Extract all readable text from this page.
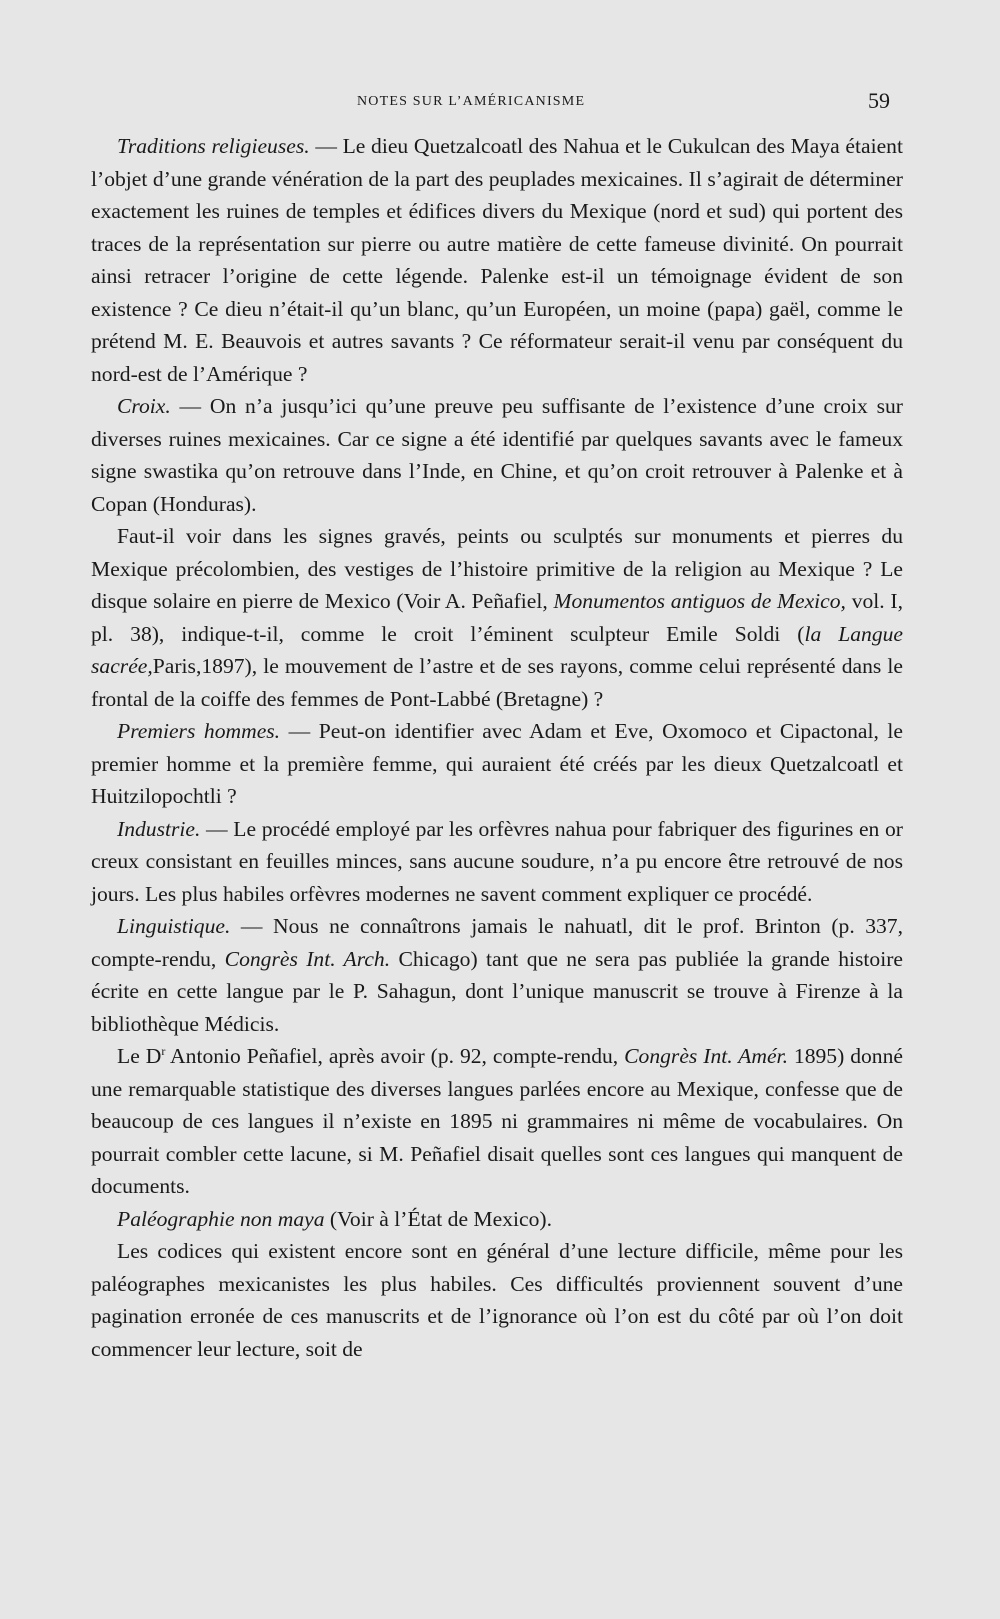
NOTES SUR L’AMÉRICANISME	59

Traditions religieuses. — Le dieu Quetzalcoatl des Nahua et le Cukulcan des Maya étaient l’objet d’une grande vénération de la part des peuplades mexicaines. Il s’agirait de déterminer exactement les ruines de temples et édifices divers du Mexique (nord et sud) qui portent des traces de la représentation sur pierre ou autre matière de cette fameuse divinité. On pourrait ainsi retracer l’origine de cette légende. Palenke est-il un témoignage évident de son existence ? Ce dieu n’était-il qu’un blanc, qu’un Européen, un moine (papa) gaël, comme le prétend M. E. Beauvois et autres savants ? Ce réformateur serait-il venu par conséquent du nord-est de l’Amérique ?

Croix. — On n’a jusqu’ici qu’une preuve peu suffisante de l’existence d’une croix sur diverses ruines mexicaines. Car ce signe a été identifié par quelques savants avec le fameux signe swastika qu’on retrouve dans l’Inde, en Chine, et qu’on croit retrouver à Palenke et à Copan (Honduras).

Faut-il voir dans les signes gravés, peints ou sculptés sur monuments et pierres du Mexique précolombien, des vestiges de l’histoire primitive de la religion au Mexique ? Le disque solaire en pierre de Mexico (Voir A. Peñafiel, Monumentos antiguos de Mexico, vol. I, pl. 38), indique-t-il, comme le croit l’éminent sculpteur Emile Soldi (la Langue sacrée,Paris,1897), le mouvement de l’astre et de ses rayons, comme celui représenté dans le frontal de la coiffe des femmes de Pont-Labbé (Bretagne) ?

Premiers hommes. — Peut-on identifier avec Adam et Eve, Oxomoco et Cipactonal, le premier homme et la première femme, qui auraient été créés par les dieux Quetzalcoatl et Huitzilopochtli ?

Industrie. — Le procédé employé par les orfèvres nahua pour fabriquer des figurines en or creux consistant en feuilles minces, sans aucune soudure, n’a pu encore être retrouvé de nos jours. Les plus habiles orfèvres modernes ne savent comment expliquer ce procédé.

Linguistique. — Nous ne connaîtrons jamais le nahuatl, dit le prof. Brinton (p. 337, compte-rendu, Congrès Int. Arch. Chicago) tant que ne sera pas publiée la grande histoire écrite en cette langue par le P. Sahagun, dont l’unique manuscrit se trouve à Firenze à la bibliothèque Médicis.

Le $D^r$ Antonio Peñafiel, après avoir (p. 92, compte-rendu, Congrès Int. Amér. 1895) donné une remarquable statistique des diverses langues parlées encore au Mexique, confesse que de beaucoup de ces langues il n’existe en 1895 ni grammaires ni même de vocabulaires. On pourrait combler cette lacune, si M. Peñafiel disait quelles sont ces langues qui manquent de documents.

Paléographie non maya (Voir à l’État de Mexico).

Les codices qui existent encore sont en général d’une lecture difficile, même pour les paléographes mexicanistes les plus habiles. Ces difficultés proviennent souvent d’une pagination erronée de ces manuscrits et de l’ignorance où l’on est du côté par où l’on doit commencer leur lecture, soit de
